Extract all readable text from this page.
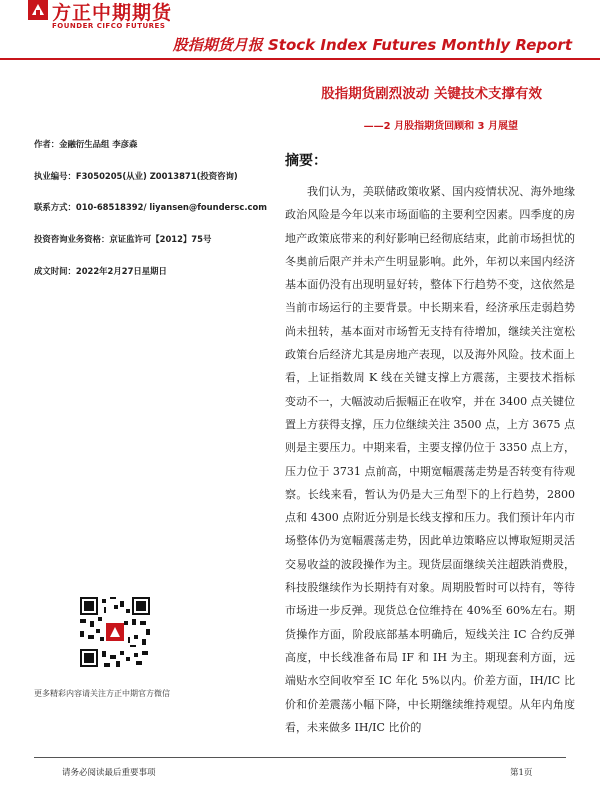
方正中期期货
FOUNDER CIFCO FUTURES
股指期货月报 Stock Index Futures Monthly Report
股指期货剧烈波动 关键技术支撑有效
——2 月股指期货回顾和 3 月展望
作者：金融衍生品组 李彦森
执业编号：F3050205(从业) Z0013871(投资咨询)
联系方式：010-68518392/ liyansen@foundersc.com
投资咨询业务资格：京证监许可【2012】75号
成文时间：2022年2月27日星期日
摘要：

我们认为，美联储政策收紧、国内疫情状况、海外地缘政治风险是今年以来市场面临的主要利空因素。四季度的房地产政策底带来的利好影响已经彻底结束，此前市场担忧的冬奥前后限产并未产生明显影响。此外，年初以来国内经济基本面仍没有出现明显好转，整体下行趋势不变，这依然是当前市场运行的主要背景。中长期来看，经济承压走弱趋势尚未扭转，基本面对市场暂无支持有待增加，继续关注宽松政策台后经济尤其是房地产表现，以及海外风险。技术面上看，上证指数周 K 线在关键支撑上方震荡，主要技术指标变动不一，大幅波动后振幅正在收窄，并在 3400 点关键位置上方获得支撑，压力位继续关注 3500 点，上方 3675 点则是主要压力。中期来看，主要支撑仍位于 3350 点上方，压力位于 3731 点前高，中期宽幅震荡走势是否转变有待观察。长线来看，暂认为仍是大三角型下的上行趋势，2800 点和 4300 点附近分别是长线支撑和压力。我们预计年内市场整体仍为宽幅震荡走势，因此单边策略应以博取短期灵活交易收益的波段操作为主。现货层面继续关注超跌消费股，科技股继续作为长期持有对象。周期股暂时可以持有，等待市场进一步反弹。现货总仓位维持在 40%至 60%左右。期货操作方面，阶段底部基本明确后，短线关注 IC 合约反弹高度，中长线准备布局 IF 和 IH 为主。期现套利方面，远端贴水空间收窄至 IC 年化 5%以内。价差方面，IH/IC 比价和价差震荡小幅下降，中长期继续维持观望。从年内角度看，未来做多 IH/IC 比价的

更多精彩内容请关注方正中期官方微信
请务必阅读最后重要事项	第1页
